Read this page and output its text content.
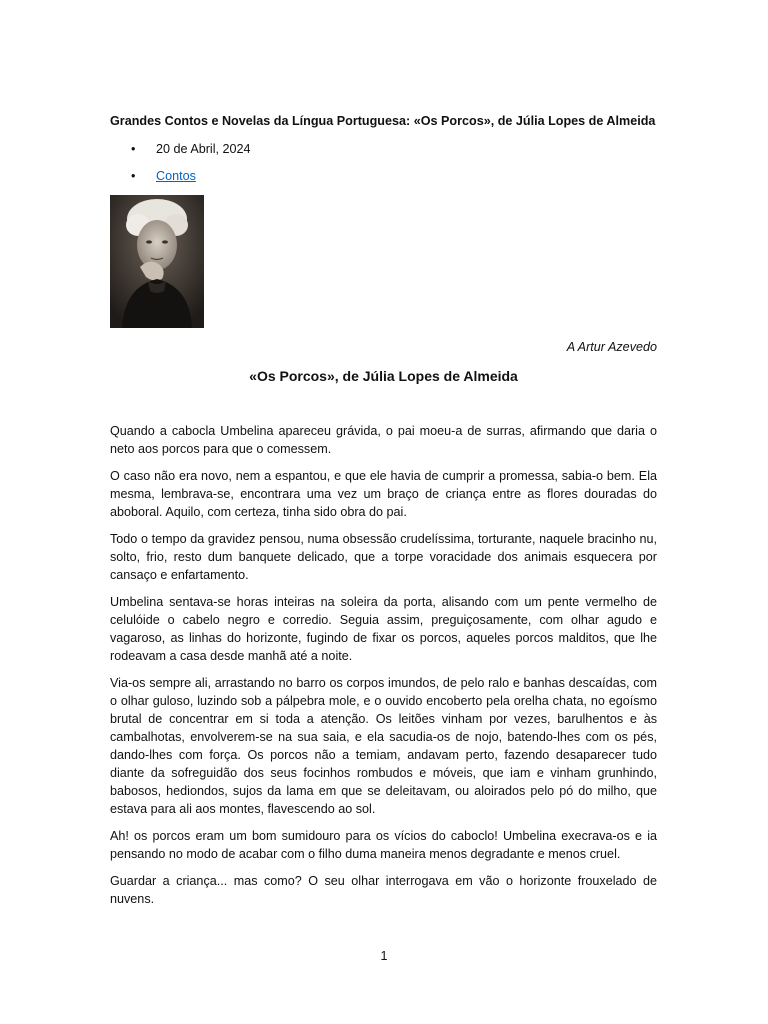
Grandes Contos e Novelas da Língua Portuguesa: «Os Porcos», de Júlia Lopes de Almeida
• 20 de Abril, 2024
• Contos
A Artur Azevedo
«Os Porcos», de Júlia Lopes de Almeida

Quando a cabocla Umbelina apareceu grávida, o pai moeu-a de surras, afirmando que daria o neto aos porcos para que o comessem.

O caso não era novo, nem a espantou, e que ele havia de cumprir a promessa, sabia-o bem. Ela mesma, lembrava-se, encontrara uma vez um braço de criança entre as flores douradas do aboboral. Aquilo, com certeza, tinha sido obra do pai.

Todo o tempo da gravidez pensou, numa obsessão crudelíssima, torturante, naquele bracinho nu, solto, frio, resto dum banquete delicado, que a torpe voracidade dos animais esquecera por cansaço e enfartamento.

Umbelina sentava-se horas inteiras na soleira da porta, alisando com um pente vermelho de celulóide o cabelo negro e corredio. Seguia assim, preguiçosamente, com olhar agudo e vagaroso, as linhas do horizonte, fugindo de fixar os porcos, aqueles porcos malditos, que lhe rodeavam a casa desde manhã até a noite.

Via-os sempre ali, arrastando no barro os corpos imundos, de pelo ralo e banhas descaídas, com o olhar guloso, luzindo sob a pálpebra mole, e o ouvido encoberto pela orelha chata, no egoísmo brutal de concentrar em si toda a atenção. Os leitões vinham por vezes, barulhentos e às cambalhotas, envolverem-se na sua saia, e ela sacudia-os de nojo, batendo-lhes com os pés, dando-lhes com força. Os porcos não a temiam, andavam perto, fazendo desaparecer tudo diante da sofreguidão dos seus focinhos rombudos e móveis, que iam e vinham grunhindo, babosos, hediondos, sujos da lama em que se deleitavam, ou aloirados pelo pó do milho, que estava para ali aos montes, flavescendo ao sol.

Ah! os porcos eram um bom sumidouro para os vícios do caboclo! Umbelina execrava-os e ia pensando no modo de acabar com o filho duma maneira menos degradante e menos cruel.

Guardar a criança... mas como? O seu olhar interrogava em vão o horizonte frouxelado de nuvens.

1
